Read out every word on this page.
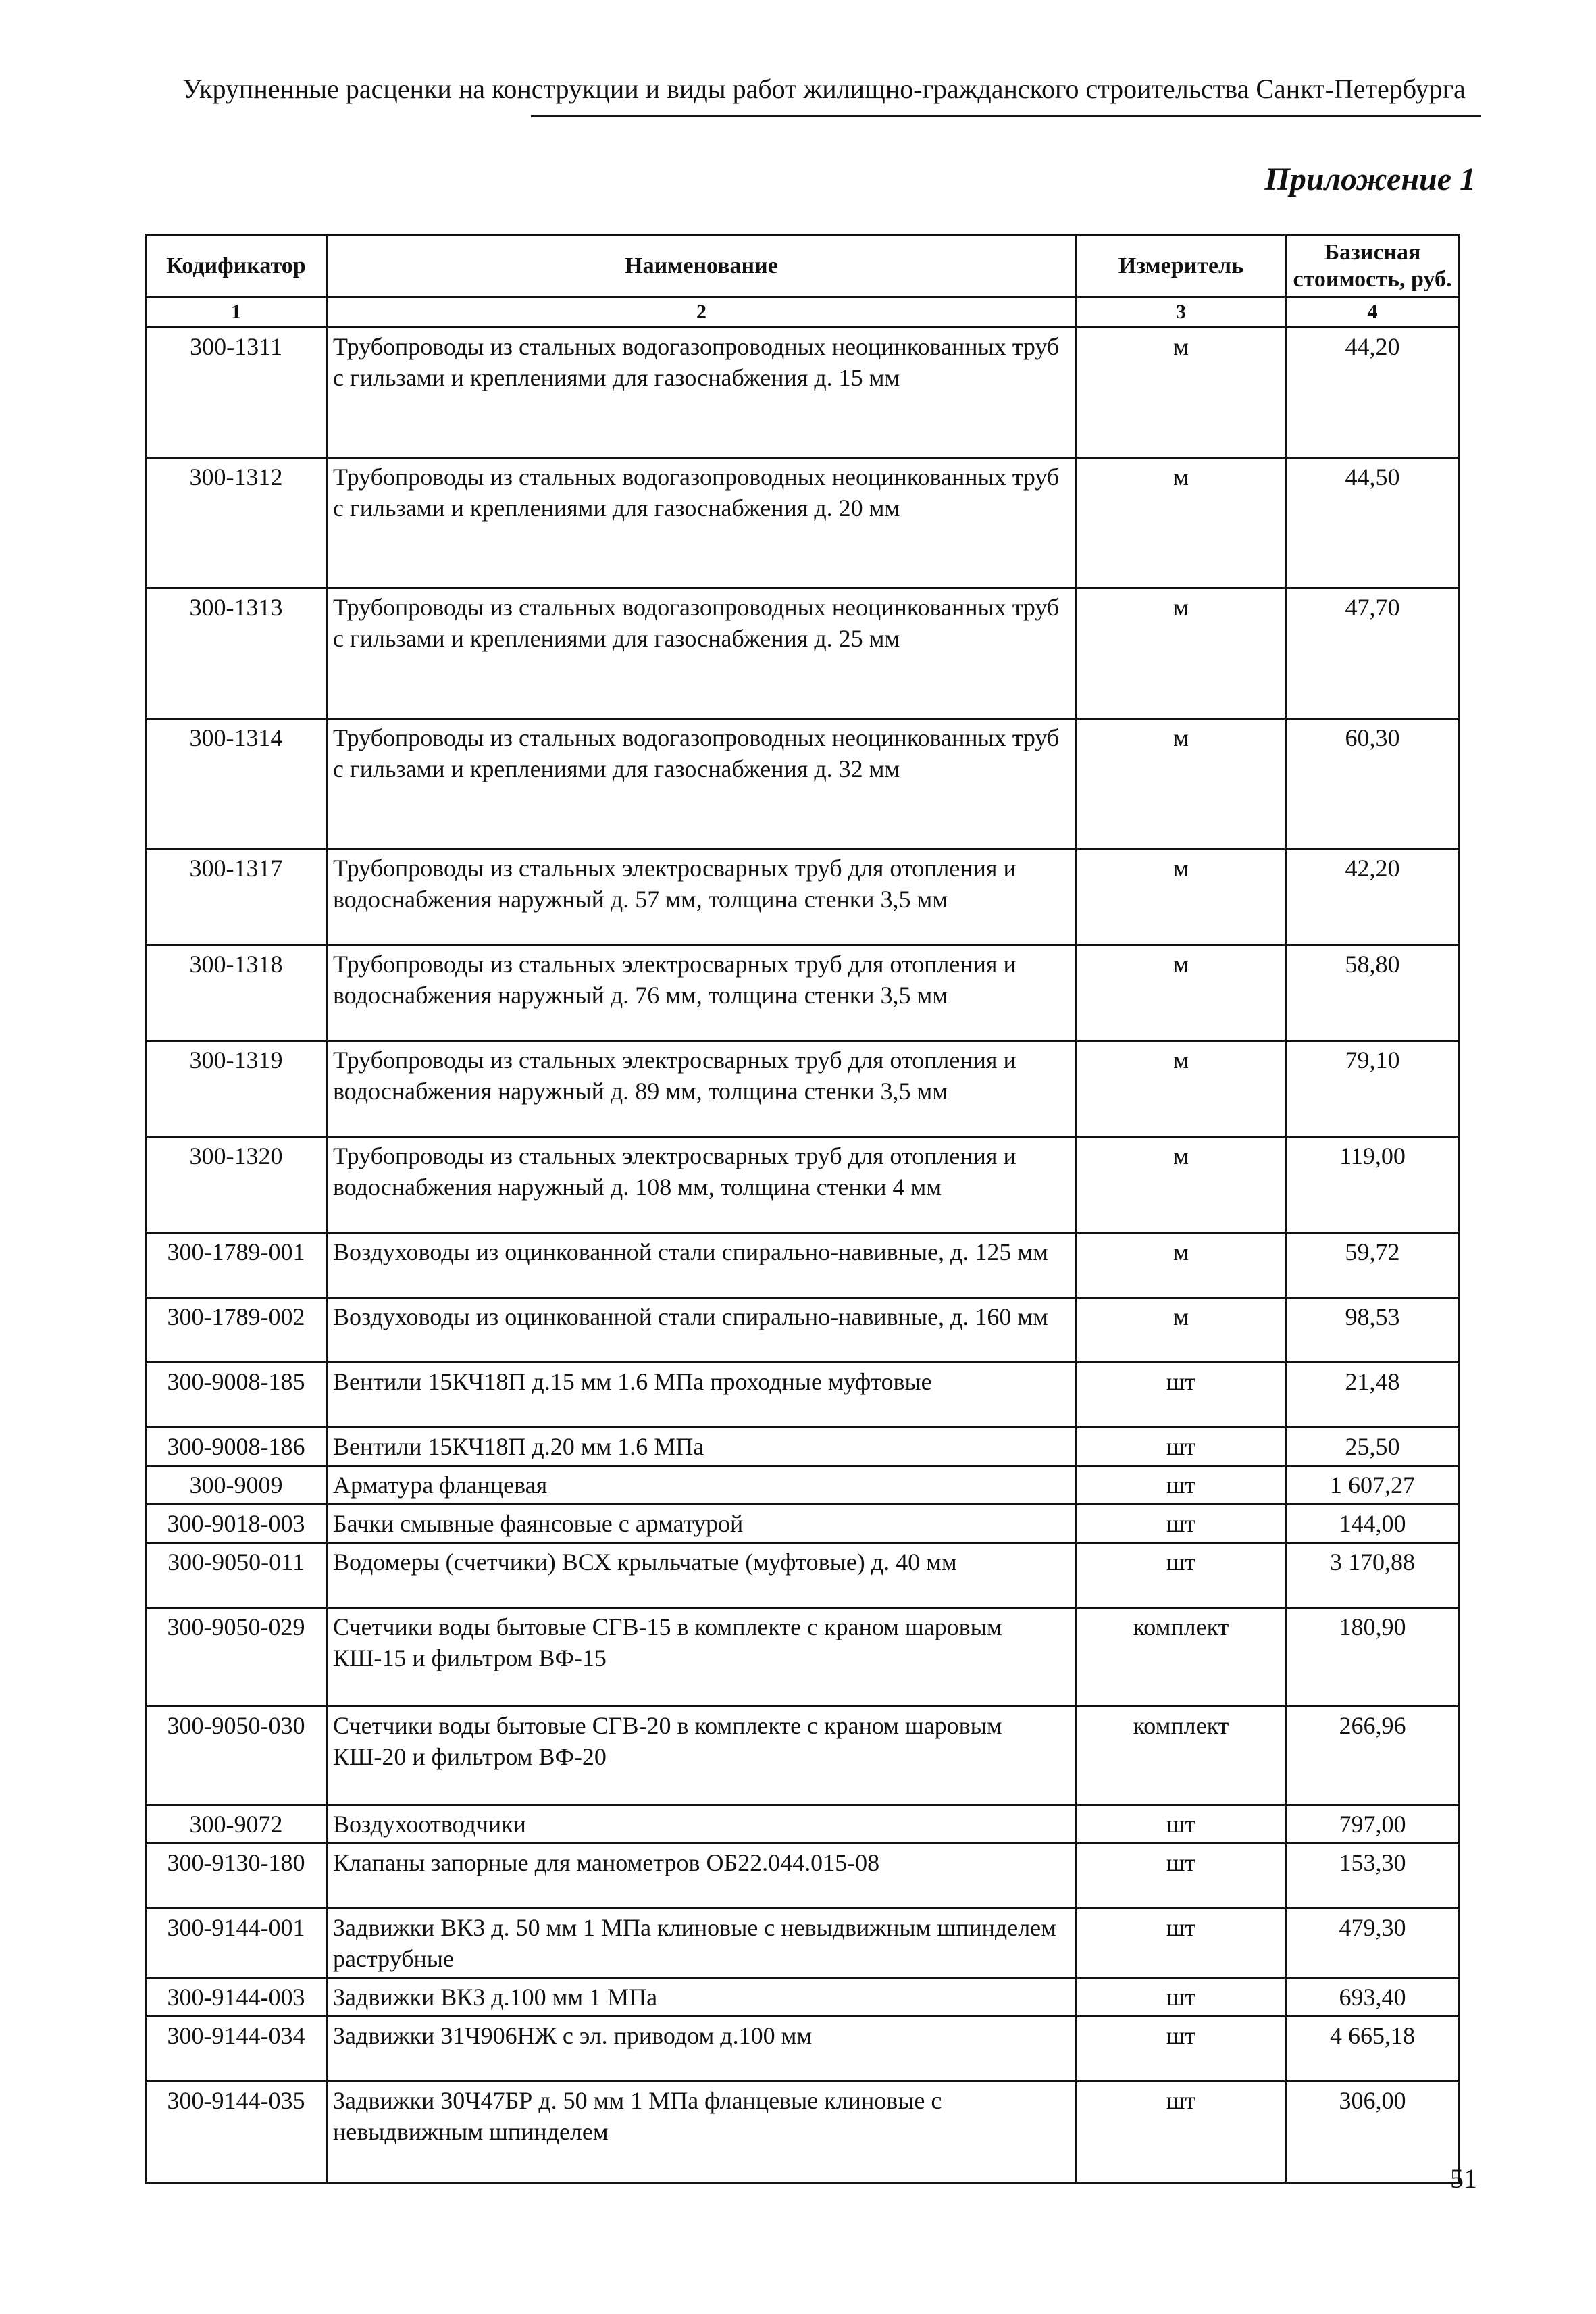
Укрупненные расценки на конструкции и виды работ жилищно-гражданского строительства Санкт-Петербурга
Приложение 1
Кодификатор	Наименование	Измеритель	Базисная стоимость, руб.
1	2	3	4
300-1311	Трубопроводы из стальных водогазопроводных неоцинкованных труб с гильзами и креплениями для газоснабжения д. 15 мм	м	44,20
300-1312	Трубопроводы из стальных водогазопроводных неоцинкованных труб с гильзами и креплениями для газоснабжения д. 20 мм	м	44,50
300-1313	Трубопроводы из стальных водогазопроводных неоцинкованных труб с гильзами и креплениями для газоснабжения д. 25 мм	м	47,70
300-1314	Трубопроводы из стальных водогазопроводных неоцинкованных труб с гильзами и креплениями для газоснабжения д. 32 мм	м	60,30
300-1317	Трубопроводы из стальных электросварных труб для отопления и водоснабжения наружный д. 57 мм, толщина стенки 3,5 мм	м	42,20
300-1318	Трубопроводы из стальных электросварных труб для отопления и водоснабжения наружный д. 76 мм, толщина стенки 3,5 мм	м	58,80
300-1319	Трубопроводы из стальных электросварных труб для отопления и водоснабжения наружный д. 89 мм, толщина стенки 3,5 мм	м	79,10
300-1320	Трубопроводы из стальных электросварных труб для отопления и водоснабжения наружный д. 108 мм, толщина стенки 4 мм	м	119,00
300-1789-001	Воздуховоды из оцинкованной стали спирально-навивные, д. 125 мм	м	59,72
300-1789-002	Воздуховоды из оцинкованной стали спирально-навивные, д. 160 мм	м	98,53
300-9008-185	Вентили 15КЧ18П д.15 мм 1.6 МПа проходные муфтовые	шт	21,48
300-9008-186	Вентили 15КЧ18П д.20 мм 1.6 МПа	шт	25,50
300-9009	Арматура фланцевая	шт	1 607,27
300-9018-003	Бачки смывные фаянсовые с арматурой	шт	144,00
300-9050-011	Водомеры (счетчики) ВСХ крыльчатые (муфтовые) д. 40 мм	шт	3 170,88
300-9050-029	Счетчики воды бытовые СГВ-15 в комплекте с краном шаровым КШ-15 и фильтром ВФ-15	комплект	180,90
300-9050-030	Счетчики воды бытовые СГВ-20 в комплекте с краном шаровым КШ-20 и фильтром ВФ-20	комплект	266,96
300-9072	Воздухоотводчики	шт	797,00
300-9130-180	Клапаны запорные для манометров ОБ22.044.015-08	шт	153,30
300-9144-001	Задвижки ВКЗ д. 50 мм 1 МПа клиновые с невыдвижным шпинделем раструбные	шт	479,30
300-9144-003	Задвижки ВКЗ д.100 мм 1 МПа	шт	693,40
300-9144-034	Задвижки 31Ч906НЖ с эл. приводом д.100 мм	шт	4 665,18
300-9144-035	Задвижки 30Ч47БР д. 50 мм 1 МПа фланцевые клиновые с невыдвижным шпинделем	шт	306,00
51
